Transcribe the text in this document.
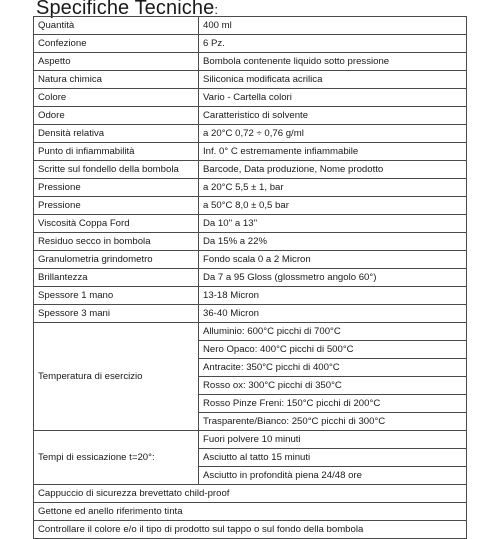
Specifiche Tecniche:
Quantità	400 ml
Confezione	6 Pz.
Aspetto	Bombola contenente liquido sotto pressione
Natura chimica	Siliconica modificata acrilica
Colore	Vario - Cartella colori
Odore	Caratteristico di solvente
Densità relativa	a 20°C 0,72 ÷ 0,76 g/ml
Punto di infiammabilità	Inf. 0° C estremamente infiammabile
Scritte sul fondello della bombola	Barcode, Data produzione, Nome prodotto
Pressione	a 20°C 5,5 ± 1, bar
Pressione	a 50°C 8,0 ± 0,5 bar
Viscosità Coppa Ford	Da 10'' a 13''
Residuo secco in bombola	Da 15% a 22%
Granulometria grindometro	Fondo scala 0 a 2 Micron
Brillantezza	Da 7 a 95 Gloss (glossmetro angolo 60°)
Spessore 1 mano	13-18 Micron
Spessore 3 mani	36-40 Micron
Temperatura di esercizio	Alluminio: 600°C picchi di 700°C
	Nero Opaco: 400°C picchi di 500°C
	Antracite: 350°C picchi di 400°C
	Rosso ox: 300°C picchi di 350°C
	Rosso Pinze Freni: 150°C picchi di 200°C
	Trasparente/Bianco: 250°C picchi di 300°C
Tempi di essicazione t=20°:	Fuori polvere 10 minuti
	Asciutto al tatto 15 minuti
	Asciutto in profondità piena 24/48 ore
Cappuccio di sicurezza brevettato child-proof	
Gettone ed anello riferimento tinta	
Controllare il colore e/o il tipo di prodotto sul tappo o sul fondo della bombola	
